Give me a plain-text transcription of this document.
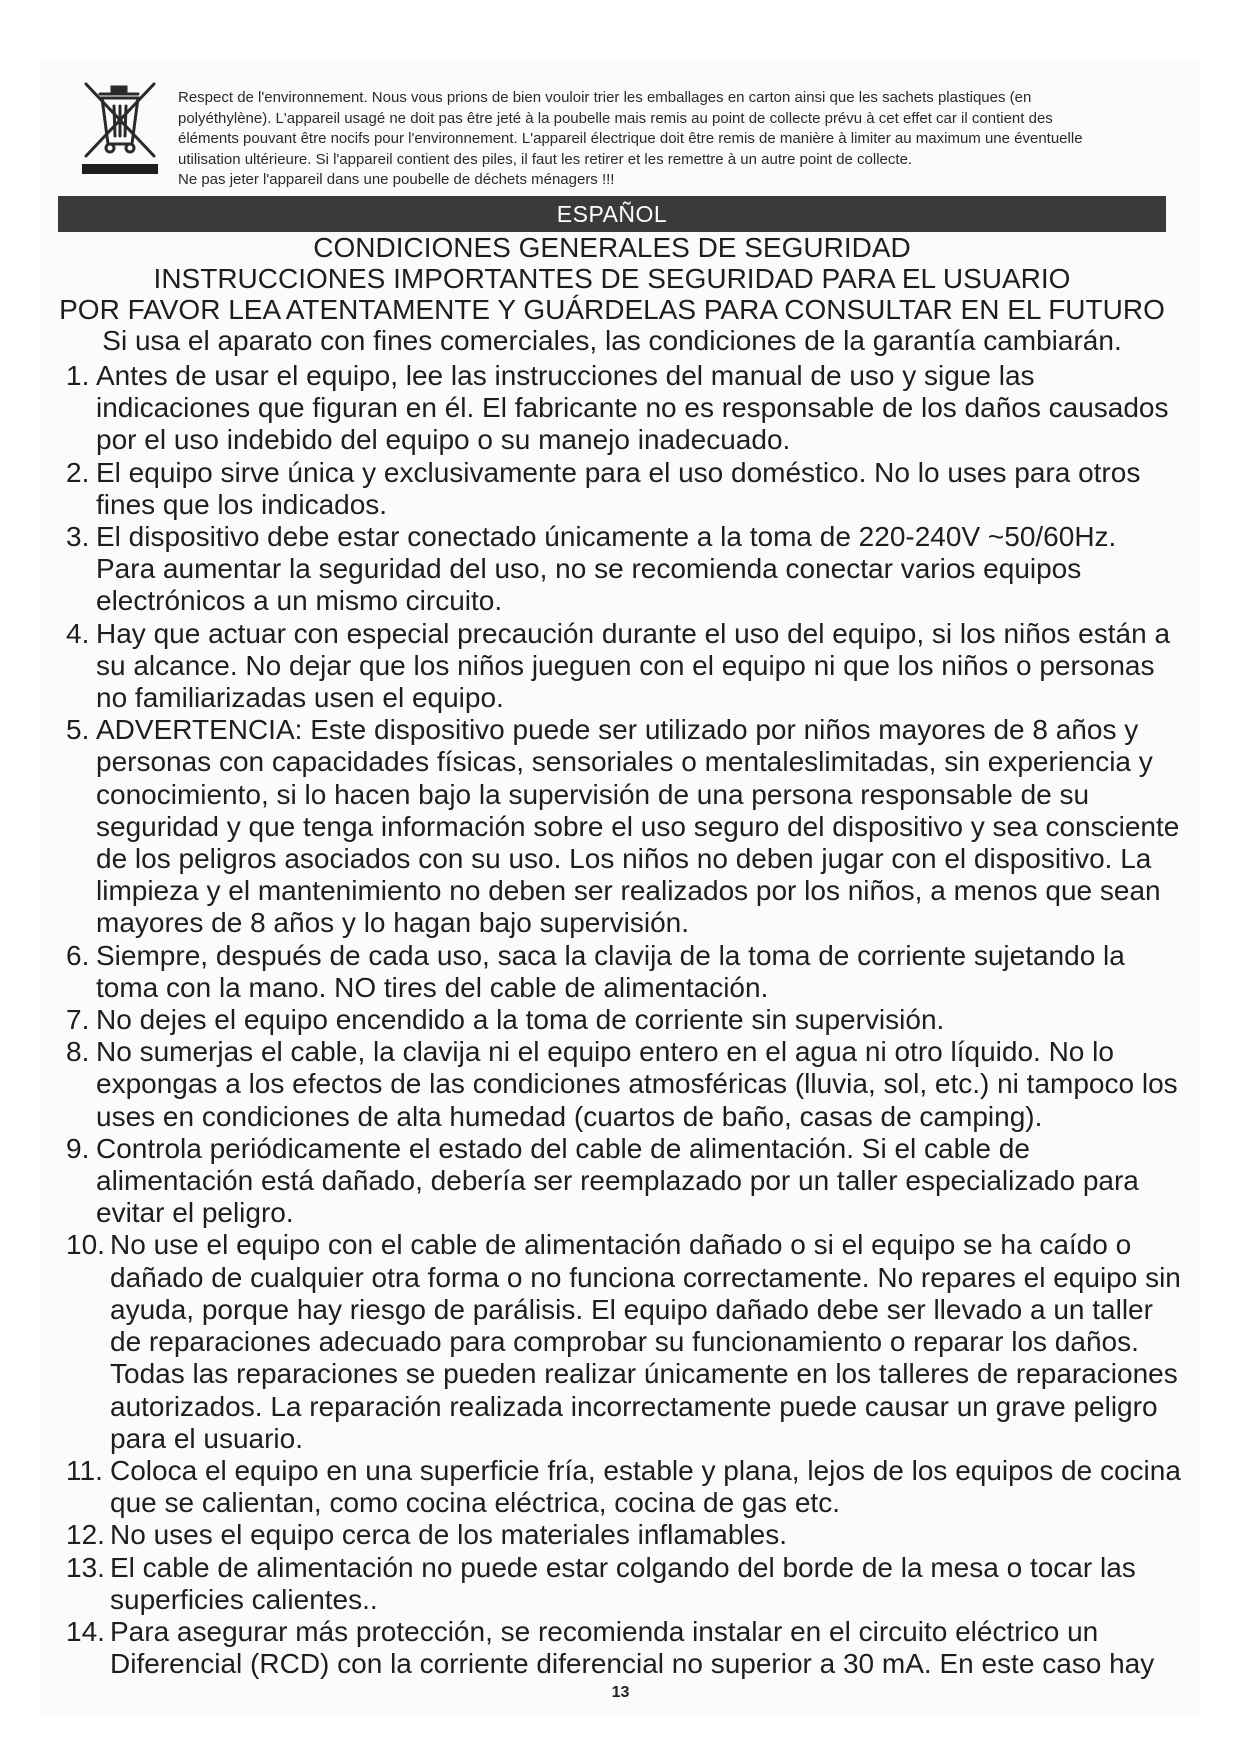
Respect de l'environnement. Nous vous prions de bien vouloir trier les emballages en carton ainsi que les sachets plastiques (en

polyéthylène). L'appareil usagé ne doit pas être jeté à la poubelle mais remis au point de collecte prévu à cet effet car il contient des

éléments pouvant être nocifs pour l'environnement. L'appareil électrique doit être remis de manière à limiter au maximum une éventuelle

utilisation ultérieure. Si l'appareil contient des piles, il faut les retirer et les remettre à un autre point de collecte.

Ne pas jeter l'appareil dans une poubelle de déchets ménagers !!!

ESPAÑOL
CONDICIONES GENERALES DE SEGURIDAD
INSTRUCCIONES IMPORTANTES DE SEGURIDAD PARA EL USUARIO
POR FAVOR LEA ATENTAMENTE Y GUÁRDELAS PARA CONSULTAR EN EL FUTURO
Si usa el aparato con fines comerciales, las condiciones de la garantía cambiarán.
1. Antes de usar el equipo, lee las instrucciones del manual de uso y sigue las indicaciones que figuran en él. El fabricante no es responsable de los daños causados por el uso indebido del equipo o su manejo inadecuado.
2. El equipo sirve única y exclusivamente para el uso doméstico. No lo uses para otros fines que los indicados.
3. El dispositivo debe estar conectado únicamente a la toma de 220-240V ~50/60Hz. Para aumentar la seguridad del uso, no se recomienda conectar varios equipos electrónicos a un mismo circuito.
4. Hay que actuar con especial precaución durante el uso del equipo, si los niños están a su alcance. No dejar que los niños jueguen con el equipo ni que los niños o personas no familiarizadas usen el equipo.
5. ADVERTENCIA: Este dispositivo puede ser utilizado por niños mayores de 8 años y personas con capacidades físicas, sensoriales o mentaleslimitadas, sin experiencia y conocimiento, si lo hacen bajo la supervisión de una persona responsable de su seguridad y que tenga información sobre el uso seguro del dispositivo y sea consciente de los peligros asociados con su uso. Los niños no deben jugar con el dispositivo. La limpieza y el mantenimiento no deben ser realizados por los niños, a menos que sean mayores de 8 años y lo hagan bajo supervisión.
6. Siempre, después de cada uso, saca la clavija de la toma de corriente sujetando la toma con la mano. NO tires del cable de alimentación.
7. No dejes el equipo encendido a la toma de corriente sin supervisión.
8. No sumerjas el cable, la clavija ni el equipo entero en el agua ni otro líquido. No lo expongas a los efectos de las condiciones atmosféricas (lluvia, sol, etc.) ni tampoco los uses en condiciones de alta humedad (cuartos de baño, casas de camping).
9. Controla periódicamente el estado del cable de alimentación. Si el cable de alimentación está dañado, debería ser reemplazado por un taller especializado para evitar el peligro.
10. No use el equipo con el cable de alimentación dañado o si el equipo se ha caído o dañado de cualquier otra forma o no funciona correctamente. No repares el equipo sin ayuda, porque hay riesgo de parálisis. El equipo dañado debe ser llevado a un taller de reparaciones adecuado para comprobar su funcionamiento o reparar los daños. Todas las reparaciones se pueden realizar únicamente en los talleres de reparaciones autorizados. La reparación realizada incorrectamente puede causar un grave peligro para el usuario.
11. Coloca el equipo en una superficie fría, estable y plana, lejos de los equipos de cocina que se calientan, como cocina eléctrica, cocina de gas etc.
12. No uses el equipo cerca de los materiales inflamables.
13. El cable de alimentación no puede estar colgando del borde de la mesa o tocar las superficies calientes..
14. Para asegurar más protección, se recomienda instalar en el circuito eléctrico un Diferencial (RCD) con la corriente diferencial no superior a 30 mA. En este caso hay
13
